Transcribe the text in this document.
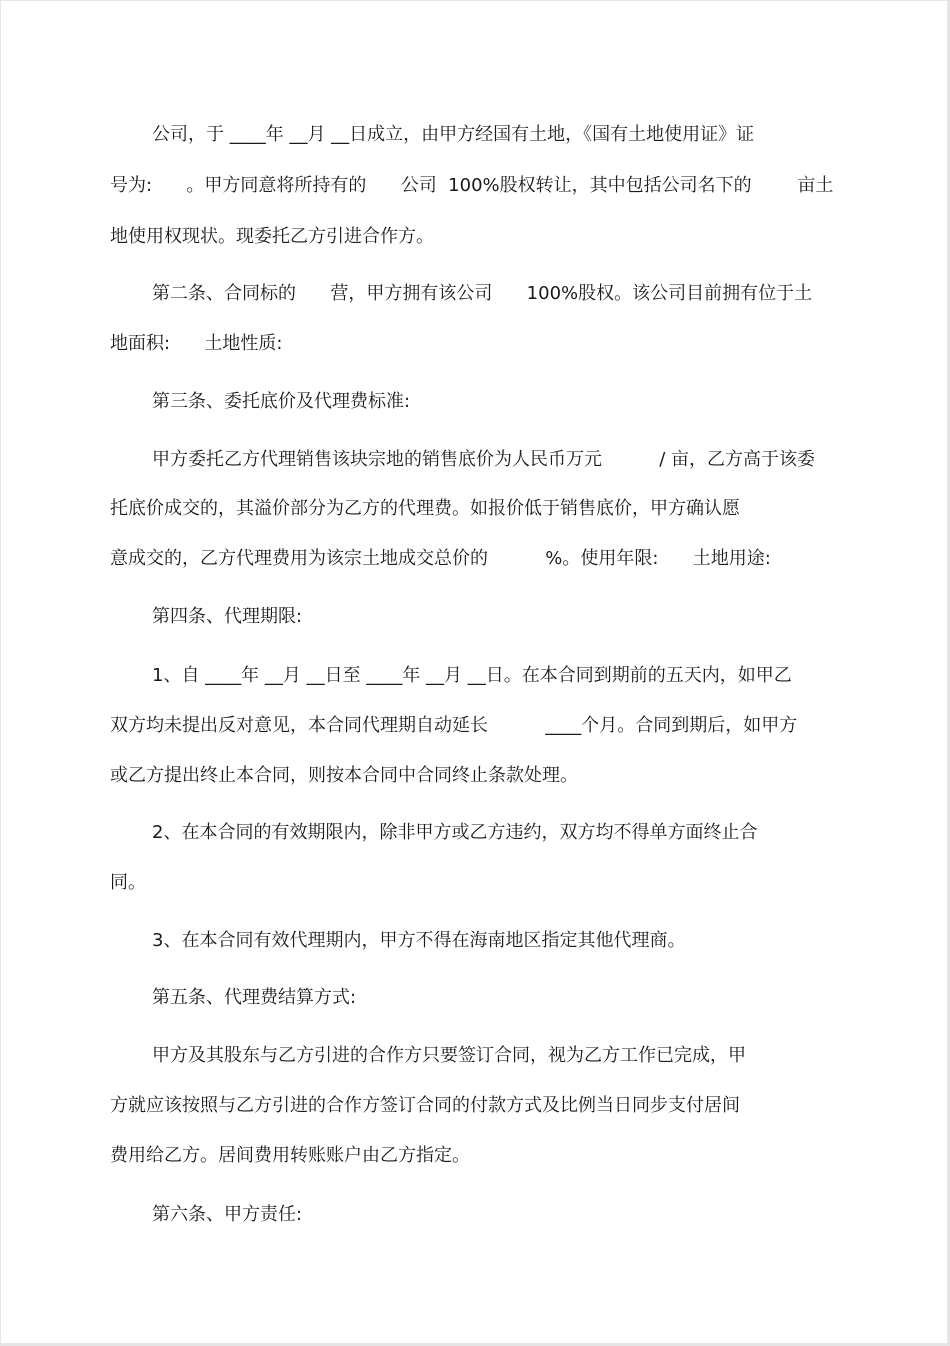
公司，于 ____年 __月 __日成立，由甲方经国有土地，《国有土地使用证》证
号为:      。甲方同意将所持有的      公司  100%股权转让，其中包括公司名下的        亩土
地使用权现状。现委托乙方引进合作方。
第二条、合同标的      营，甲方拥有该公司      100%股权。该公司目前拥有位于土
地面积:      土地性质:
第三条、委托底价及代理费标准:
甲方委托乙方代理销售该块宗地的销售底价为人民币万元          / 亩，乙方高于该委
托底价成交的，其溢价部分为乙方的代理费。如报价低于销售底价，甲方确认愿
意成交的，乙方代理费用为该宗土地成交总价的          %。使用年限:      土地用途:
第四条、代理期限:
1、自 ____年 __月 __日至 ____年 __月 __日。在本合同到期前的五天内，如甲乙
双方均未提出反对意见，本合同代理期自动延长          ____个月。合同到期后，如甲方
或乙方提出终止本合同，则按本合同中合同终止条款处理。
2、在本合同的有效期限内，除非甲方或乙方违约，双方均不得单方面终止合
同。
3、在本合同有效代理期内，甲方不得在海南地区指定其他代理商。
第五条、代理费结算方式:
甲方及其股东与乙方引进的合作方只要签订合同，视为乙方工作已完成，甲
方就应该按照与乙方引进的合作方签订合同的付款方式及比例当日同步支付居间
费用给乙方。居间费用转账账户由乙方指定。
第六条、甲方责任:
